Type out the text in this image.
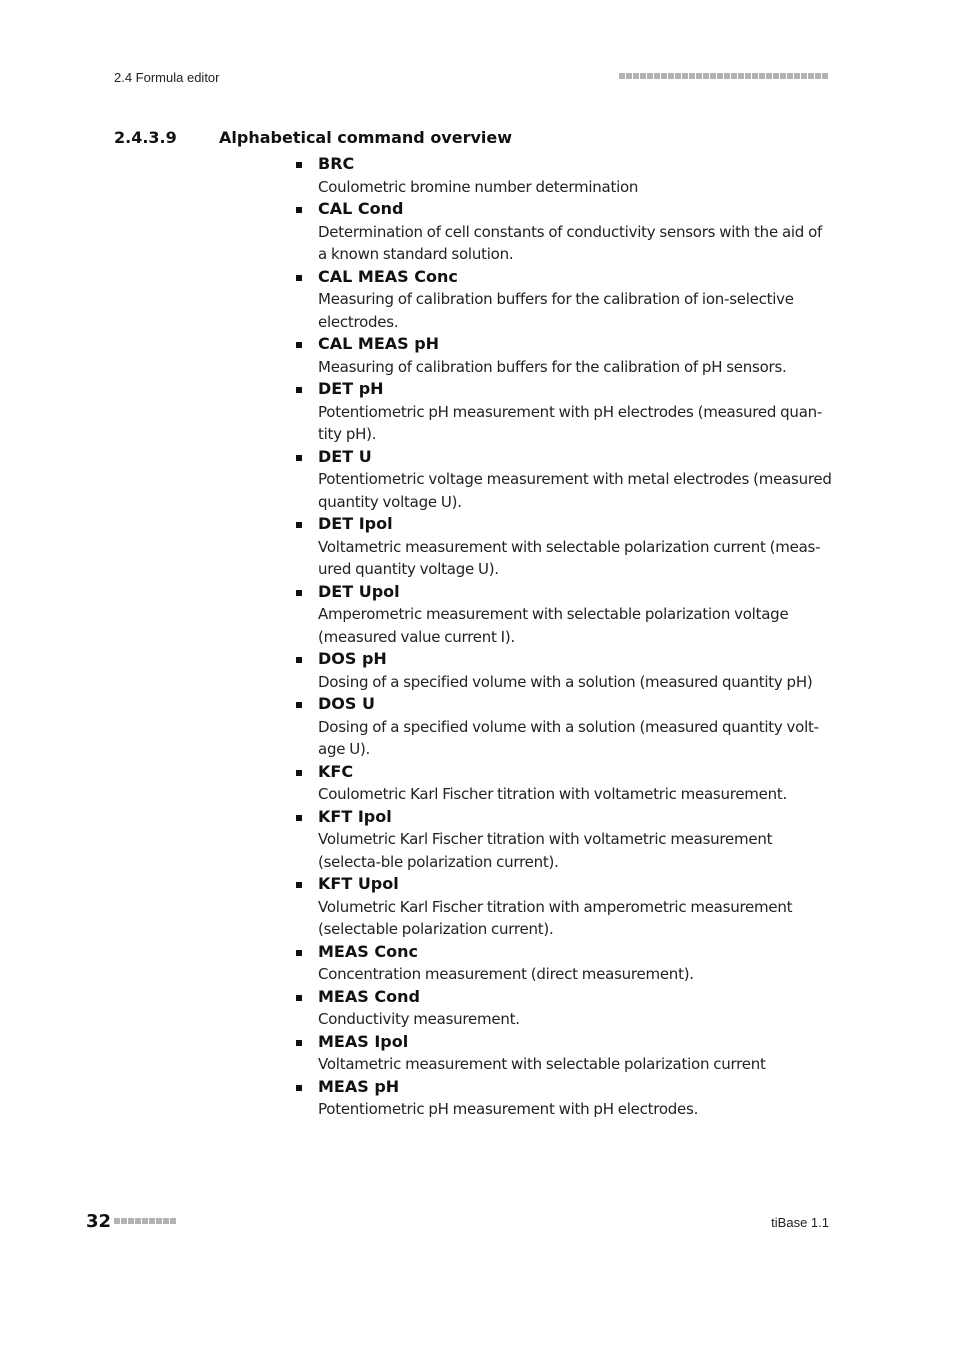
2.4 Formula editor
2.4.3.9	Alphabetical command overview
BRC
Coulometric bromine number determination
CAL Cond
Determination of cell constants of conductivity sensors with the aid of a known standard solution.
CAL MEAS Conc
Measuring of calibration buffers for the calibration of ion-selective electrodes.
CAL MEAS pH
Measuring of calibration buffers for the calibration of pH sensors.
DET pH
Potentiometric pH measurement with pH electrodes (measured quan-tity pH).
DET U
Potentiometric voltage measurement with metal electrodes (measured quantity voltage U).
DET Ipol
Voltametric measurement with selectable polarization current (meas-ured quantity voltage U).
DET Upol
Amperometric measurement with selectable polarization voltage (measured value current I).
DOS pH
Dosing of a specified volume with a solution (measured quantity pH)
DOS U
Dosing of a specified volume with a solution (measured quantity volt-age U).
KFC
Coulometric Karl Fischer titration with voltametric measurement.
KFT Ipol
Volumetric Karl Fischer titration with voltametric measurement (selecta-ble polarization current).
KFT Upol
Volumetric Karl Fischer titration with amperometric measurement (selectable polarization current).
MEAS Conc
Concentration measurement (direct measurement).
MEAS Cond
Conductivity measurement.
MEAS Ipol
Voltametric measurement with selectable polarization current
MEAS pH
Potentiometric pH measurement with pH electrodes.
32	tiBase 1.1
